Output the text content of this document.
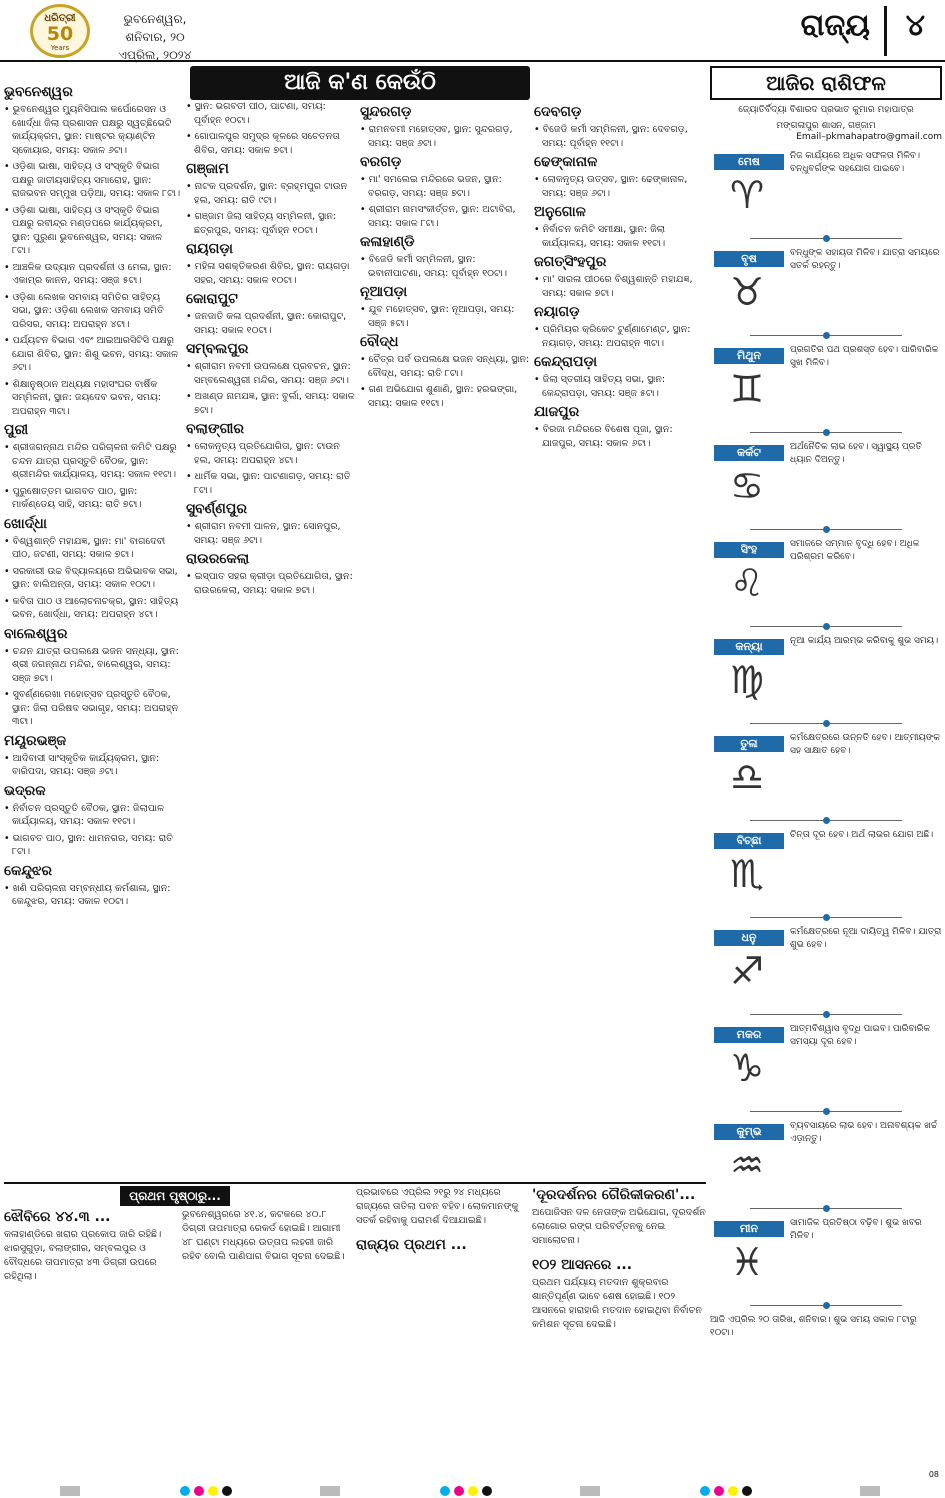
ଧରିତ୍ରୀ
50
Years
ଭୁବନେଶ୍ୱର, ଶନିବାର, ୨୦ ଏପ୍ରିଲ, ୨୦୨୪
ରାଜ୍ୟ ୪
ଆଜି କ'ଣ କେଉଁଠି
ଭୁବନେଶ୍ୱର
• ଭୁବନେଶ୍ୱର ମ୍ୟୁନିସିପାଲ କର୍ପୋରେସନ ଓ ଖୋର୍ଦ୍ଧା ଜିଲା ପ୍ରଶାସନ ପକ୍ଷରୁ ସ୍ୱଚ୍ଛିଭେଟି କାର୍ଯ୍ୟକ୍ରମ, ସ୍ଥାନ: ମାଷ୍ଟର କ୍ୟାଣ୍ଟିନ ସ୍କୋୟାର, ସମୟ: ସକାଳ ୬ଟା।
• ଓଡ଼ିଶା ଭାଷା, ସାହିତ୍ୟ ଓ ସଂସ୍କୃତି ବିଭାଗ ପକ୍ଷରୁ ଜାତୀୟସାହିତ୍ୟ ସମାରୋହ, ସ୍ଥାନ: ରାଜଭବନ ସମ୍ମୁଖ ପଡ଼ିଆ, ସମୟ: ସକାଳ ୮ଟା।
• ଓଡ଼ିଶା ଭାଷା, ସାହିତ୍ୟ ଓ ସଂସ୍କୃତି ବିଭାଗ ପକ୍ଷରୁ ରବୀନ୍ଦ୍ର ମଣ୍ଡପରେ କାର୍ଯ୍ୟକ୍ରମ, ସ୍ଥାନ: ପୁରୁଣା ଭୁବନେଶ୍ୱର, ସମୟ: ସକାଳ ୮ଟା।
• ଆଞ୍ଚଳିକ ଉଦ୍ୟାନ ପ୍ରଦର୍ଶନୀ ଓ ମେଳା, ସ୍ଥାନ: ଏକାମ୍ର କାନନ, ସମୟ: ସଞ୍ଜ ୫ଟା।
• ଓଡ଼ିଶା ଲେଖକ ସମବାୟ ସମିତିର ସାହିତ୍ୟ ସଭା, ସ୍ଥାନ: ଓଡ଼ିଶା ଲେଖକ ସମବାୟ ସମିତି ପରିସର, ସମୟ: ଅପରାହ୍ନ ୪ଟା।
• ପର୍ଯ୍ୟଟନ ବିଭାଗ ଏବଂ ଆଇଆରସିଟିସି ପକ୍ଷରୁ ଯୋଗ ଶିବିର, ସ୍ଥାନ: ଶିଶୁ ଭବନ, ସମୟ: ସକାଳ ୬ଟା।
• ଶିକ୍ଷାନୁଷ୍ଠାନ ଅଧ୍ୟକ୍ଷ ମହାସଂଘର ବାର୍ଷିକ ସମ୍ମିଳନୀ, ସ୍ଥାନ: ଜୟଦେବ ଭବନ, ସମୟ: ଅପରାହ୍ନ ୩ଟା।
ପୁରୀ
• ଶ୍ରୀଜଗନ୍ନାଥ ମନ୍ଦିର ପରିଚାଳନା କମିଟି ପକ୍ଷରୁ ଚନ୍ଦନ ଯାତ୍ରା ପ୍ରସ୍ତୁତି ବୈଠକ, ସ୍ଥାନ: ଶ୍ରୀମନ୍ଦିର କାର୍ଯ୍ୟାଳୟ, ସମୟ: ସକାଳ ୧୧ଟା।
• ପୁରୁଷୋତ୍ତମ ଭାଗବତ ପାଠ, ସ୍ଥାନ: ମାର୍କଣ୍ଡେୟ ସାହି, ସମୟ: ରାତି ୭ଟା।
ଖୋର୍ଦ୍ଧା
• ବିଶ୍ୱଶାନ୍ତି ମହାଯଜ୍ଞ, ସ୍ଥାନ: ମା' ବାଗଦେବୀ ପୀଠ, ଜଟଣୀ, ସମୟ: ସକାଳ ୭ଟା।
• ସରକାରୀ ଉଚ୍ଚ ବିଦ୍ୟାଳୟରେ ଅଭିଭାବକ ସଭା, ସ୍ଥାନ: ବାଲିଅନ୍ତା, ସମୟ: ସକାଳ ୧୦ଟା।
• କବିତା ପାଠ ଓ ଆଲୋଚନାଚକ୍ର, ସ୍ଥାନ: ସାହିତ୍ୟ ଭବନ, ଖୋର୍ଦ୍ଧା, ସମୟ: ଅପରାହ୍ନ ୪ଟା।
ବାଲେଶ୍ୱର
• ଚନ୍ଦନ ଯାତ୍ରା ଉପଲକ୍ଷେ ଭଜନ ସନ୍ଧ୍ୟା, ସ୍ଥାନ: ଶ୍ରୀ ଜଗନ୍ନାଥ ମନ୍ଦିର, ବାଲେଶ୍ୱର, ସମୟ: ସଞ୍ଜ ୭ଟା।
• ସୁବର୍ଣ୍ଣରେଖା ମହୋତ୍ସବ ପ୍ରସ୍ତୁତି ବୈଠକ, ସ୍ଥାନ: ଜିଲା ପରିଷଦ ସଭାଗୃହ, ସମୟ: ଅପରାହ୍ନ ୩ଟା।
ମୟୂରଭଞ୍ଜ
• ଆଦିବାସୀ ସାଂସ୍କୃତିକ କାର୍ଯ୍ୟକ୍ରମ, ସ୍ଥାନ: ବାରିପଦା, ସମୟ: ସଞ୍ଜ ୬ଟା।
ଭଦ୍ରକ
• ନିର୍ବାଚନ ପ୍ରସ୍ତୁତି ବୈଠକ, ସ୍ଥାନ: ଜିଲାପାଳ କାର୍ଯ୍ୟାଳୟ, ସମୟ: ସକାଳ ୧୧ଟା।
• ଭାଗବତ ପାଠ, ସ୍ଥାନ: ଧାମନଗର, ସମୟ: ରାତି ୮ଟା।
କେନ୍ଦୁଝର
• ଖଣି ପରିଚାଳନା ସମ୍ବନ୍ଧୀୟ କର୍ମଶାଳା, ସ୍ଥାନ: କେନ୍ଦୁଝର, ସମୟ: ସକାଳ ୧୦ଟା।
• ସ୍ଥାନ: ଭଗବତୀ ପୀଠ, ପାଟଣା, ସମୟ: ପୂର୍ବାହ୍ନ ୧୦ଟା।
• ଗୋପାଳପୁର ସମୁଦ୍ର କୂଳରେ ସଚେତନତା ଶିବିର, ସମୟ: ସକାଳ ୭ଟା।
ଗଞ୍ଜାମ
• ନାଟକ ପ୍ରଦର୍ଶନ, ସ୍ଥାନ: ବ୍ରହ୍ମପୁର ଟାଉନ ହଲ, ସମୟ: ରାତି ୯ଟା।
• ଗଞ୍ଜାମ ଜିଲା ସାହିତ୍ୟ ସମ୍ମିଳନୀ, ସ୍ଥାନ: ଛତ୍ରପୁର, ସମୟ: ପୂର୍ବାହ୍ନ ୧୦ଟା।
ରାୟଗଡ଼ା
• ମହିଳା ସଶକ୍ତିକରଣ ଶିବିର, ସ୍ଥାନ: ରାୟଗଡ଼ା ସହର, ସମୟ: ସକାଳ ୧୦ଟା।
କୋରାପୁଟ
• ଜନଜାତି କଳା ପ୍ରଦର୍ଶନୀ, ସ୍ଥାନ: କୋରାପୁଟ, ସମୟ: ସକାଳ ୧୦ଟା।
ସମ୍ବଲପୁର
• ଶ୍ରୀରାମ ନବମୀ ଉପଲକ୍ଷେ ପ୍ରବଚନ, ସ୍ଥାନ: ସମ୍ବଲେଶ୍ୱରୀ ମନ୍ଦିର, ସମୟ: ସଞ୍ଜ ୬ଟା।
• ଅଖଣ୍ଡ ନାମଯଜ୍ଞ, ସ୍ଥାନ: ବୁର୍ଲା, ସମୟ: ସକାଳ ୭ଟା।
ବଲାଙ୍ଗୀର
• ଲୋକନୃତ୍ୟ ପ୍ରତିଯୋଗିତା, ସ୍ଥାନ: ଟାଉନ ହଲ, ସମୟ: ଅପରାହ୍ନ ୪ଟା।
• ଧାର୍ମିକ ସଭା, ସ୍ଥାନ: ପାଟଣାଗଡ଼, ସମୟ: ରାତି ୮ଟା।
ସୁବର୍ଣ୍ଣପୁର
• ଶ୍ରୀରାମ ନବମୀ ପାଳନ, ସ୍ଥାନ: ସୋନପୁର, ସମୟ: ସଞ୍ଜ ୬ଟା।
ରାଉରକେଲା
• ଇସ୍ପାତ ସହର କ୍ରୀଡ଼ା ପ୍ରତିଯୋଗିତା, ସ୍ଥାନ: ରାଉରକେଲା, ସମୟ: ସକାଳ ୭ଟା।
ସୁନ୍ଦରଗଡ଼
• ରାମନବମୀ ମହୋତ୍ସବ, ସ୍ଥାନ: ସୁନ୍ଦରଗଡ଼, ସମୟ: ସଞ୍ଜ ୬ଟା।
ବରଗଡ଼
• ମା' ସମଲେଇ ମନ୍ଦିରରେ ଭଜନ, ସ୍ଥାନ: ବରଗଡ଼, ସମୟ: ସଞ୍ଜ ୭ଟା।
• ଶ୍ରୀରାମ ନାମସଂକୀର୍ତ୍ତନ, ସ୍ଥାନ: ଅଟାବିରା, ସମୟ: ସକାଳ ୮ଟା।
କଳାହାଣ୍ଡି
• ବିଜେଡି କର୍ମୀ ସମ୍ମିଳନୀ, ସ୍ଥାନ: ଭବାନୀପାଟଣା, ସମୟ: ପୂର୍ବାହ୍ନ ୧୦ଟା।
ନୂଆପଡ଼ା
• ଯୁବ ମହୋତ୍ସବ, ସ୍ଥାନ: ନୂଆପଡ଼ା, ସମୟ: ସଞ୍ଜ ୫ଟା।
ବୌଦ୍ଧ
• ଚୈତ୍ର ପର୍ବ ଉପଲକ୍ଷେ ଭଜନ ସନ୍ଧ୍ୟା, ସ୍ଥାନ: ବୌଦ୍ଧ, ସମୟ: ରାତି ୮ଟା।
• ଗଣ ଅଭିଯୋଗ ଶୁଣାଣି, ସ୍ଥାନ: ହରଭଙ୍ଗା, ସମୟ: ସକାଳ ୧୧ଟା।
ଦେବଗଡ଼
• ବିଜେଡି କର୍ମୀ ସମ୍ମିଳନୀ, ସ୍ଥାନ: ଦେବଗଡ଼, ସମୟ: ପୂର୍ବାହ୍ନ ୧୧ଟା।
ଢେଙ୍କାନାଳ
• ଲୋକନୃତ୍ୟ ଉତ୍ସବ, ସ୍ଥାନ: ଢେଙ୍କାନାଳ, ସମୟ: ସଞ୍ଜ ୬ଟା।
ଅନୁଗୋଳ
• ନିର୍ବାଚନ କମିଟି ସମୀକ୍ଷା, ସ୍ଥାନ: ଜିଲା କାର୍ଯ୍ୟାଳୟ, ସମୟ: ସକାଳ ୧୧ଟା।
ଜଗତ୍‌ସିଂହପୁର
• ମା' ସାରଳା ପୀଠରେ ବିଶ୍ୱଶାନ୍ତି ମହାଯଜ୍ଞ, ସମୟ: ସକାଳ ୭ଟା।
ନୟାଗଡ଼
• ପ୍ରିମିୟର କ୍ରିକେଟ ଟୁର୍ଣ୍ଣାମେଣ୍ଟ, ସ୍ଥାନ: ନୟାଗଡ଼, ସମୟ: ଅପରାହ୍ନ ୩ଟା।
କେନ୍ଦ୍ରାପଡ଼ା
• ଜିଲା ସ୍ତରୀୟ ସାହିତ୍ୟ ସଭା, ସ୍ଥାନ: କେନ୍ଦ୍ରାପଡ଼ା, ସମୟ: ସଞ୍ଜ ୫ଟା।
ଯାଜପୁର
• ବିରଜା ମନ୍ଦିରରେ ବିଶେଷ ପୂଜା, ସ୍ଥାନ: ଯାଜପୁର, ସମୟ: ସକାଳ ୬ଟା।
ଆଜିର ରାଶିଫଳ
ଜ୍ୟୋତିର୍ବିଦ୍ୟା ବିଶାରଦ ପ୍ରଭାତ କୁମାର ମହାପାତ୍ର
ମଙ୍ଗଳାପୁର ଶାସନ, ଗଞ୍ଜାମ
Email–pkmahapatro@gmail.com
ମେଷ
♈
ନିଜ କାର୍ଯ୍ୟରେ ଅଧିକ ସଫଳତା ମିଳିବ। ବନ୍ଧୁବର୍ଗଙ୍କ ସହଯୋଗ ପାଇବେ।
ବୃଷ
♉
ବନ୍ଧୁଙ୍କ ସହାୟତା ମିଳିବ। ଯାତ୍ରା ସମୟରେ ସତର୍କ ରହନ୍ତୁ।
ମିଥୁନ
♊
ପ୍ରଗତିର ପଥ ପ୍ରଶସ୍ତ ହେବ। ପାରିବାରିକ ସୁଖ ମିଳିବ।
କର୍କଟ
♋
ଅର୍ଥନୈତିକ ଲାଭ ହେବ। ସ୍ୱାସ୍ଥ୍ୟ ପ୍ରତି ଧ୍ୟାନ ଦିଅନ୍ତୁ।
ସିଂହ
♌
ସମାଜରେ ସମ୍ମାନ ବୃଦ୍ଧି ହେବ। ଅଧିକ ପରିଶ୍ରମ କରିବେ।
କନ୍ୟା
♍
ନୂଆ କାର୍ଯ୍ୟ ଆରମ୍ଭ କରିବାକୁ ଶୁଭ ସମୟ।
ତୁଳା
♎
କର୍ମକ୍ଷେତ୍ରରେ ଉନ୍ନତି ହେବ। ଆତ୍ମୀୟଙ୍କ ସହ ସାକ୍ଷାତ ହେବ।
ବିଚ୍ଛା
♏
ଚିନ୍ତା ଦୂର ହେବ। ଅର୍ଥ ଲାଭର ଯୋଗ ଅଛି।
ଧନୁ
♐
କର୍ମକ୍ଷେତ୍ରରେ ନୂଆ ଦାୟିତ୍ୱ ମିଳିବ। ଯାତ୍ରା ଶୁଭ ହେବ।
ମକର
♑
ଆତ୍ମବିଶ୍ୱାସ ବୃଦ୍ଧି ପାଇବ। ପାରିବାରିକ ସମସ୍ୟା ଦୂର ହେବ।
କୁମ୍ଭ
♒
ବ୍ୟବସାୟରେ ଲାଭ ହେବ। ଅନାବଶ୍ୟକ ଖର୍ଚ୍ଚ ଏଡ଼ାନ୍ତୁ।
ମୀନ
♓
ସାମାଜିକ ପ୍ରତିଷ୍ଠା ବଢ଼ିବ। ଶୁଭ ଖବର ମିଳିବ।
ଆଜି ଏପ୍ରିଲ ୨୦ ତାରିଖ, ଶନିବାର। ଶୁଭ ସମୟ ସକାଳ ୮ଟାରୁ ୧୦ଟା।
ପ୍ରଥମ ପୃଷ୍ଠାରୁ...
ଝୌବିରେ ୪୪.୩ ...
କଳାହାଣ୍ଡିରେ ଖରାର ପ୍ରକୋପ ଜାରି ରହିଛି। ଝାରସୁଗୁଡ଼ା, ବଲାଙ୍ଗୀର, ସମ୍ବଲପୁର ଓ ବୌଦ୍ଧରେ ତାପମାତ୍ରା ୪୩ ଡିଗ୍ରୀ ଉପରେ ରହିଥିଲା।
ଭୁବନେଶ୍ୱରରେ ୪୧.୪, କଟକରେ ୪୦.୮ ଡିଗ୍ରୀ ତାପମାତ୍ରା ରେକର୍ଡ ହୋଇଛି। ଆଗାମୀ ୪୮ ଘଣ୍ଟା ମଧ୍ୟରେ ଉତ୍ତାପ ଲହରୀ ଜାରି ରହିବ ବୋଲି ପାଣିପାଗ ବିଭାଗ ସୂଚନା ଦେଇଛି।
ପ୍ରଭାବରେ ଏପ୍ରିଲ ୨୧ରୁ ୨୪ ମଧ୍ୟରେ ରାଜ୍ୟରେ ତାତିଲା ପବନ ବହିବ। ଲୋକମାନଙ୍କୁ ସତର୍କ ରହିବାକୁ ପରାମର୍ଶ ଦିଆଯାଇଛି।
ରାଜ୍ୟର ପ୍ରଥମ ...
'ଦୂରଦର୍ଶନର ଗୈରିକୀକରଣ'...
ଅପୋଜିସନ ଦଳ ନେତାଙ୍କ ଅଭିଯୋଗ, ଦୂରଦର୍ଶନ ଲୋଗୋର ରଙ୍ଗ ପରିବର୍ତ୍ତନକୁ ନେଇ ସମାଲୋଚନା।
୧୦୨ ଆସନରେ ...
ପ୍ରଥମ ପର୍ଯ୍ୟାୟ ମତଦାନ ଶୁକ୍ରବାର ଶାନ୍ତିପୂର୍ଣ୍ଣ ଭାବେ ଶେଷ ହୋଇଛି। ୧୦୨ ଆସନରେ ହାରାହାରି ମତଦାନ ହୋଇଥିବା ନିର୍ବାଚନ କମିଶନ ସୂଚନା ଦେଇଛି।
08
